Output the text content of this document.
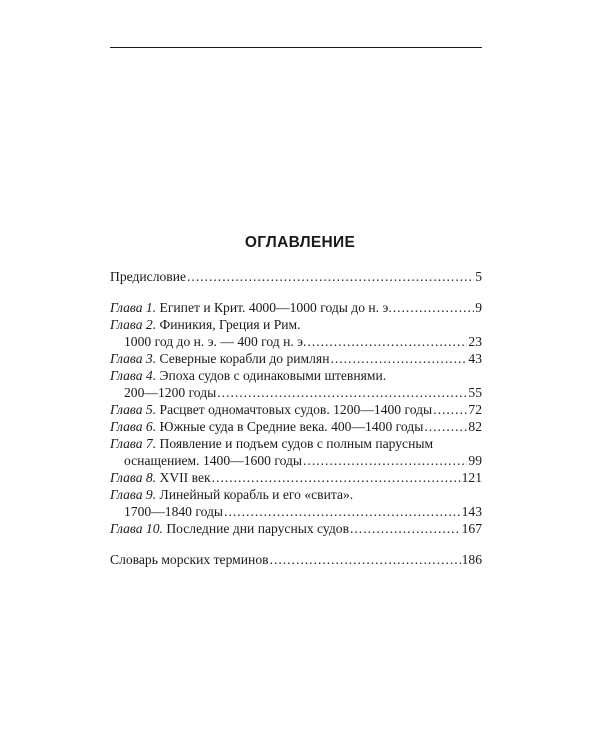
ОГЛАВЛЕНИЕ
Предисловие .....	5
Глава 1.
Египет и Крит. 4000—1000 годы до н. э. .....	9
Глава 2.
Финикия, Греция и Рим.
1000 год до н. э. — 400 год н. э. .....	23
Глава 3.
Северные корабли до римлян .....	43
Глава 4.
Эпоха судов с одинаковыми штевнями.
200—1200 годы .....	55
Глава 5.
Расцвет одномачтовых судов. 1200—1400 годы .....	72
Глава 6.
Южные суда в Средние века. 400—1400 годы .....	82
Глава 7.
Появление и подъем судов с полным парусным
оснащением. 1400—1600 годы .....	99
Глава 8.
XVII век .....	121
Глава 9.
Линейный корабль и его «свита».
1700—1840 годы .....	143
Глава 10.
Последние дни парусных судов .....	167
Словарь морских терминов .....	186
